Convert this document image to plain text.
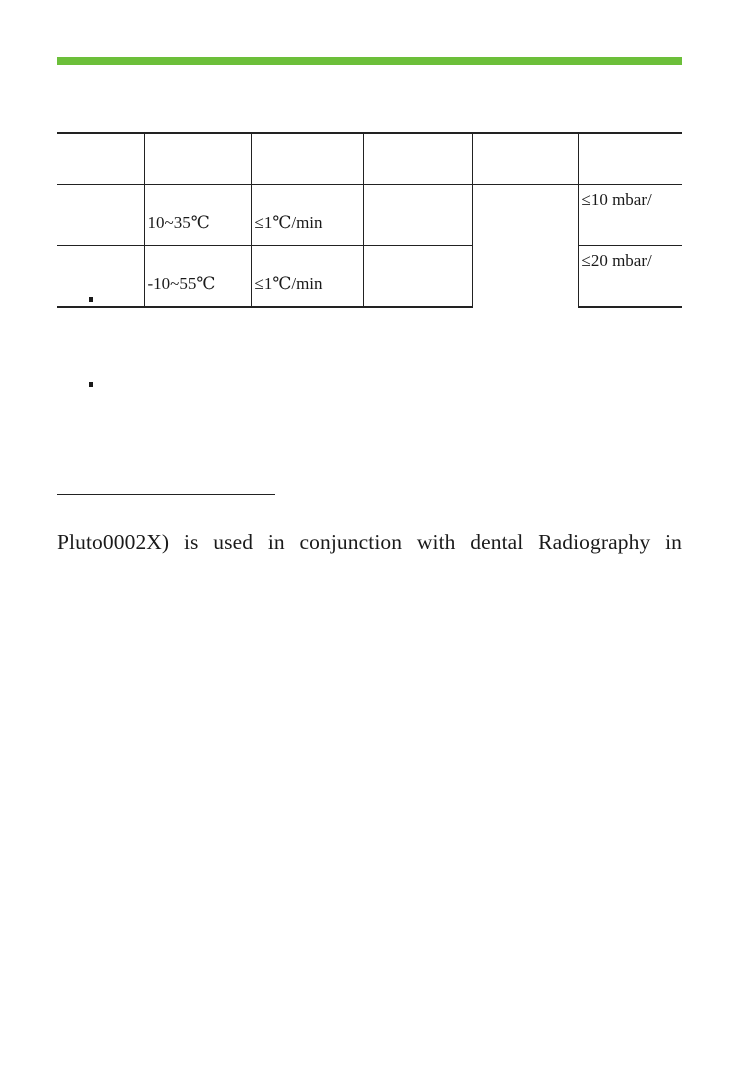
	10~35℃	≤1℃/min			≤10 mbar/
	-10~55℃	≤1℃/min			≤20 mbar/
Pluto0002X) is used in conjunction with dental Radiography in
